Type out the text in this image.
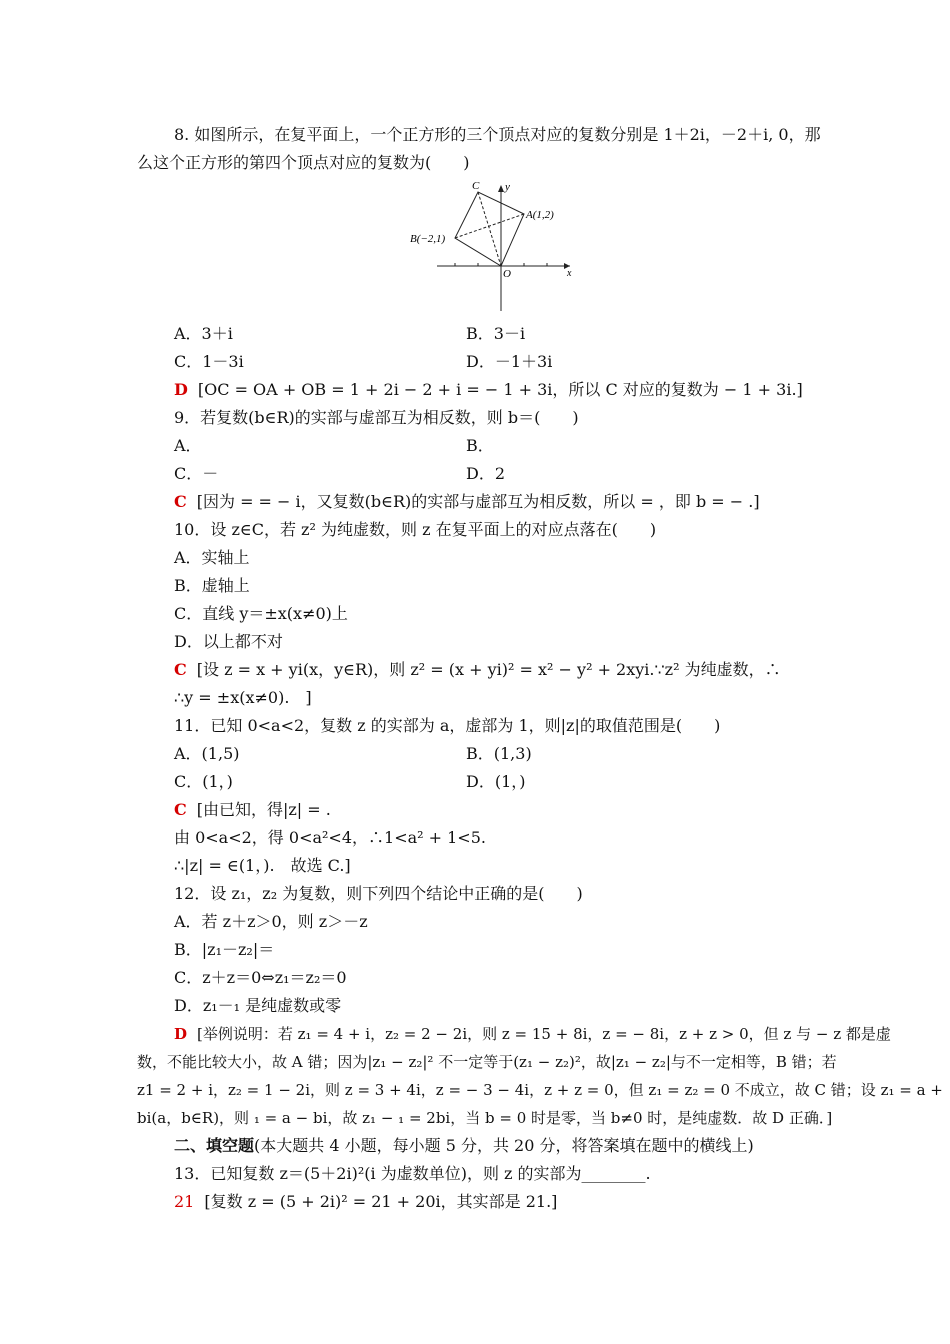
8. 如图所示，在复平面上，一个正方形的三个顶点对应的复数分别是 1＋2i，－2＋i, 0，那
么这个正方形的第四个顶点对应的复数为(　　)
C y
A(1,2)
B(−2,1)
O	x
A．3＋i	B．3－i
C．1－3i	D．－1＋3i
D [OC = OA + OB = 1 + 2i − 2 + i = − 1 + 3i，所以 C 对应的复数为 − 1 + 3i.]
9．若复数(b∈R)的实部与虚部互为相反数，则 b＝(　　)
A．	B．
C．－	D．2
C [因为 = = − i，又复数(b∈R)的实部与虚部互为相反数，所以 = ，即 b = − .]
10．设 z∈C，若 z² 为纯虚数，则 z 在复平面上的对应点落在(　　)
A．实轴上
B．虚轴上
C．直线 y＝±x(x≠0)上
D．以上都不对
C [设 z = x + yi(x，y∈R)，则 z² = (x + yi)² = x² − y² + 2xyi.∵z² 为纯虚数，∴
∴y = ±x(x≠0).　]
11．已知 0<a<2，复数 z 的实部为 a，虚部为 1，则|z|的取值范围是(　　)
A．(1,5)	B．(1,3)
C．(1，)	D．(1，)
C [由已知，得|z| = .
由 0<a<2，得 0<a²<4，∴1<a² + 1<5.
∴|z| = ∈(1，).　故选 C.]
12．设 z₁，z₂ 为复数，则下列四个结论中正确的是(　　)
A．若 z＋z＞0，则 z＞－z
B．|z₁－z₂|＝
C．z＋z＝0⇔z₁＝z₂＝0
D．z₁－₁ 是纯虚数或零
D [举例说明：若 z₁ = 4 + i，z₂ = 2 − 2i，则 z = 15 + 8i，z = − 8i，z + z > 0，但 z 与 − z 都是虚
数，不能比较大小，故 A 错；因为|z₁ − z₂|² 不一定等于(z₁ − z₂)²，故|z₁ − z₂|与不一定相等，B 错；若
z1 = 2 + i，z₂ = 1 − 2i，则 z = 3 + 4i，z = − 3 − 4i，z + z = 0，但 z₁ = z₂ = 0 不成立，故 C 错；设 z₁ = a +
bi(a，b∈R)，则 ₁ = a − bi，故 z₁ − ₁ = 2bi，当 b = 0 时是零，当 b≠0 时，是纯虚数．故 D 正确．]
二、填空题(本大题共 4 小题，每小题 5 分，共 20 分，将答案填在题中的横线上)
13．已知复数 z＝(5＋2i)²(i 为虚数单位)，则 z 的实部为________.
21 [复数 z = (5 + 2i)² = 21 + 20i，其实部是 21.]
